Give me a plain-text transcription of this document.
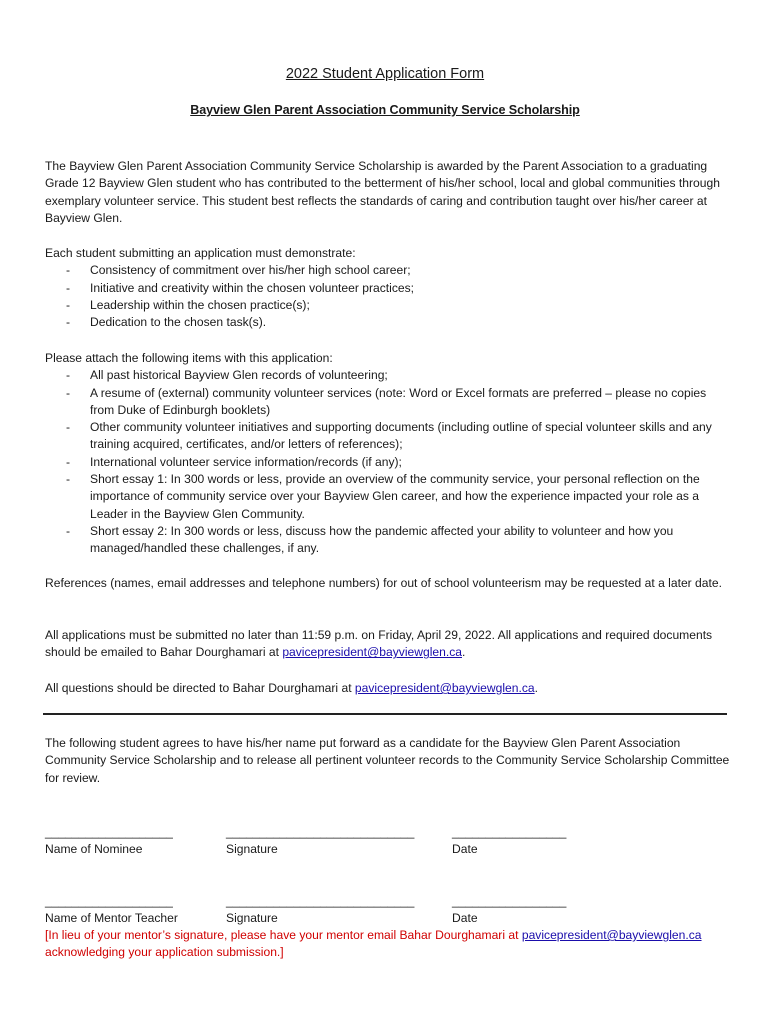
2022 Student Application Form
Bayview Glen Parent Association Community Service Scholarship

The Bayview Glen Parent Association Community Service Scholarship is awarded by the Parent Association to a graduating Grade 12 Bayview Glen student who has contributed to the betterment of his/her school, local and global communities through exemplary volunteer service. This student best reflects the standards of caring and contribution taught over his/her career at Bayview Glen.

Each student submitting an application must demonstrate:

- Consistency of commitment over his/her high school career;
- Initiative and creativity within the chosen volunteer practices;
- Leadership within the chosen practice(s);
- Dedication to the chosen task(s).

Please attach the following items with this application:

- All past historical Bayview Glen records of volunteering;
- A resume of (external) community volunteer services (note: Word or Excel formats are preferred – please no copies from Duke of Edinburgh booklets)
- Other community volunteer initiatives and supporting documents (including outline of special volunteer skills and any training acquired, certificates, and/or letters of references);
- International volunteer service information/records (if any);
- Short essay 1: In 300 words or less, provide an overview of the community service, your personal reflection on the importance of community service over your Bayview Glen career, and how the experience impacted your role as a Leader in the Bayview Glen Community.
- Short essay 2: In 300 words or less, discuss how the pandemic affected your ability to volunteer and how you managed/handled these challenges, if any.

References (names, email addresses and telephone numbers) for out of school volunteerism may be requested at a later date.

All applications must be submitted no later than 11:59 p.m. on Friday, April 29, 2022. All applications and required documents should be emailed to Bahar Dourghamari at pavicepresident@bayviewglen.ca.

All questions should be directed to Bahar Dourghamari at pavicepresident@bayviewglen.ca.

The following student agrees to have his/her name put forward as a candidate for the Bayview Glen Parent Association Community Service Scholarship and to release all pertinent volunteer records to the Community Service Scholarship Committee for review.

___________________	____________________________	_________________
Name of Nominee	Signature	Date
___________________	____________________________	_________________
Name of Mentor Teacher	Signature	Date

[In lieu of your mentor’s signature, please have your mentor email Bahar Dourghamari at pavicepresident@bayviewglen.ca acknowledging your application submission.]
